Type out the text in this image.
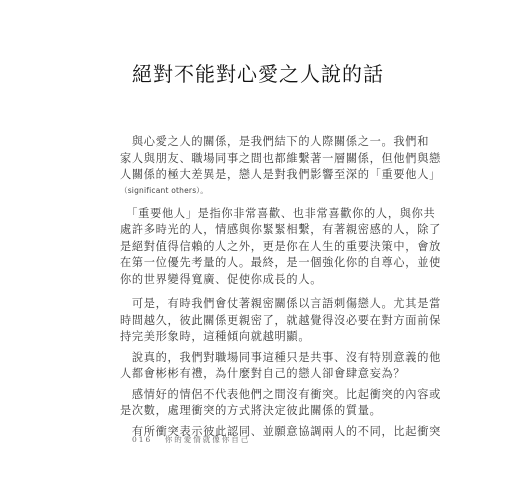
絕對不能對心愛之人說的話
　與心愛之人的關係，是我們結下的人際關係之一。我們和
家人與朋友、職場同事之間也都維繫著一層關係，但他們與戀
人關係的極大差異是，戀人是對我們影響至深的「重要他人」
（significant others）。
　「重要他人」是指你非常喜歡、也非常喜歡你的人，與你共
處許多時光的人，情感與你緊緊相繫，有著親密感的人，除了
是絕對值得信賴的人之外，更是你在人生的重要決策中，會放
在第一位優先考量的人。最終，是一個強化你的自尊心，並使
你的世界變得寬廣、促使你成長的人。
　可是，有時我們會仗著親密關係以言語刺傷戀人。尤其是當
時間越久，彼此關係更親密了，就越覺得沒必要在對方面前保
持完美形象時，這種傾向就越明顯。
　說真的，我們對職場同事這種只是共事、沒有特別意義的他
人都會彬彬有禮，為什麼對自己的戀人卻會肆意妄為？
　感情好的情侶不代表他們之間沒有衝突。比起衝突的內容或
是次數，處理衝突的方式將決定彼此關係的質量。
　有所衝突表示彼此認同、並願意協調兩人的不同，比起衝突
016 你的愛情就像你自己
